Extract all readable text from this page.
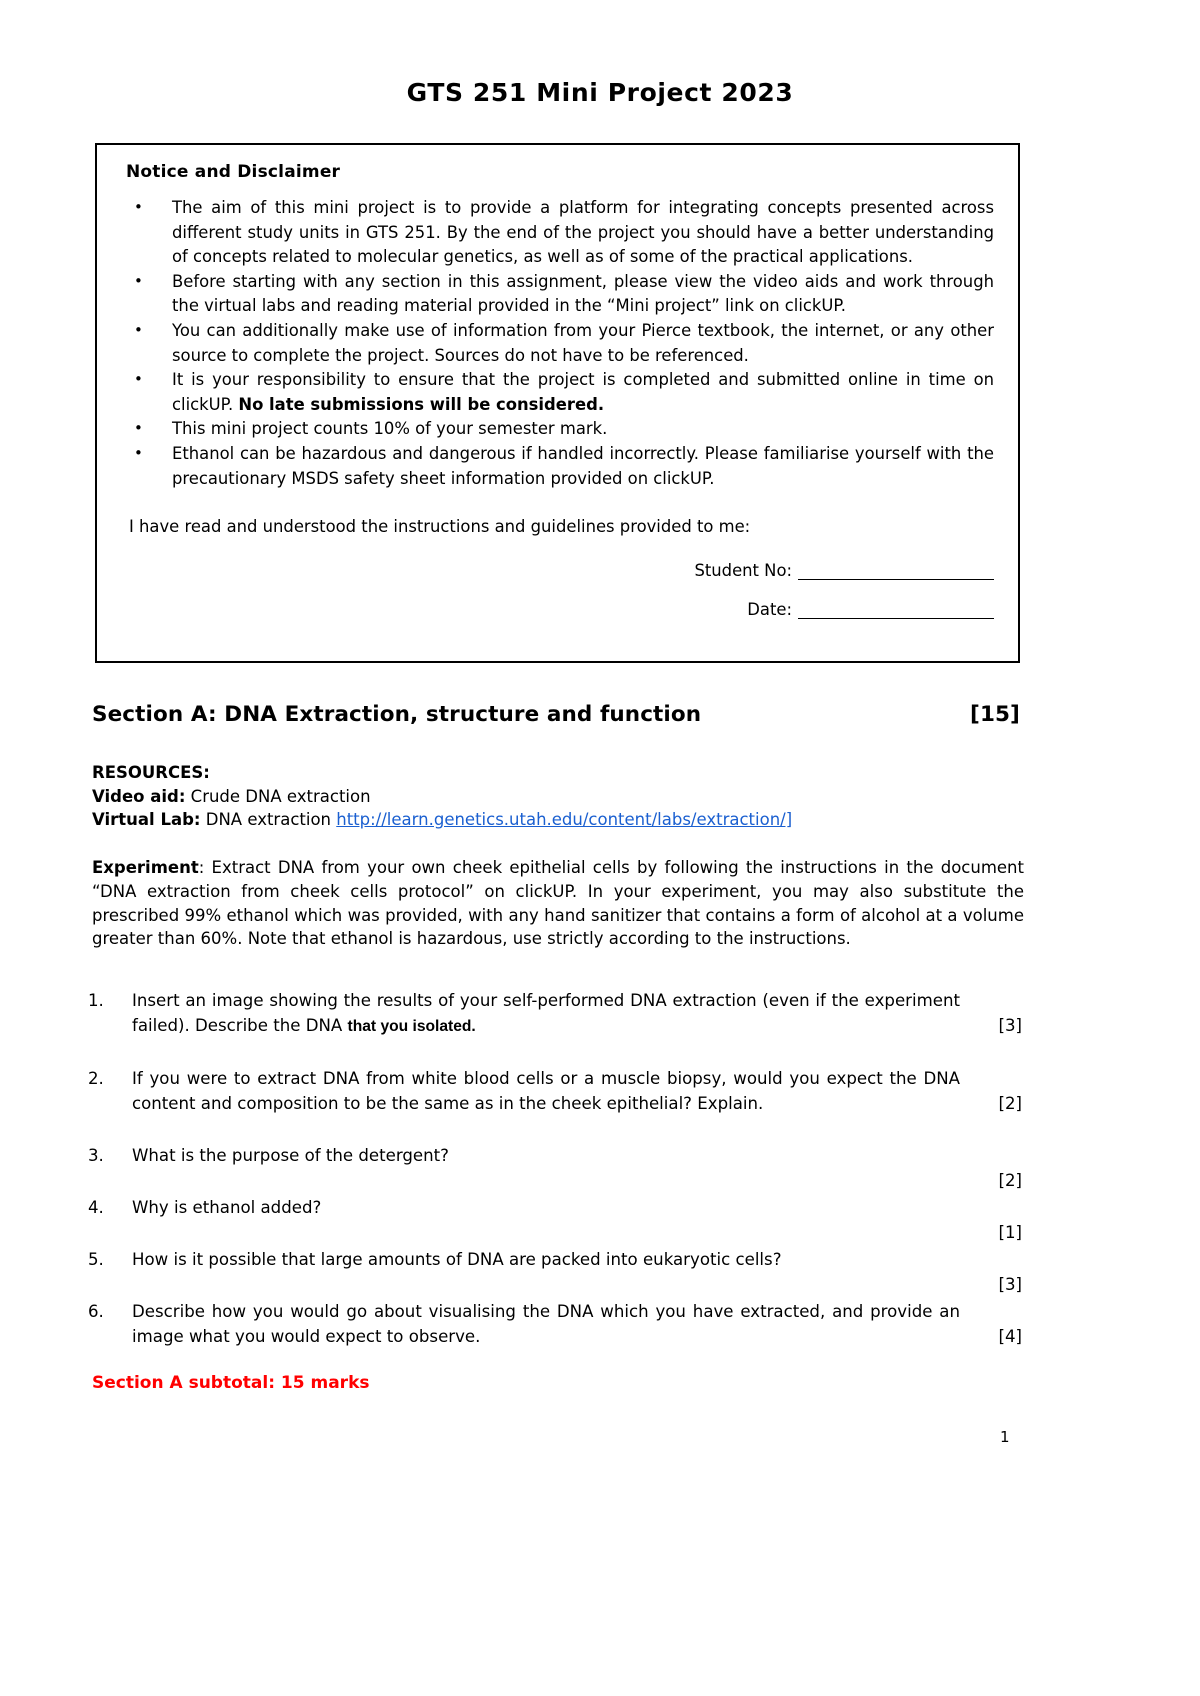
GTS 251 Mini Project 2023
Notice and Disclaimer
• The aim of this mini project is to provide a platform for integrating concepts presented across different study units in GTS 251. By the end of the project you should have a better understanding of concepts related to molecular genetics, as well as of some of the practical applications.
• Before starting with any section in this assignment, please view the video aids and work through the virtual labs and reading material provided in the “Mini project” link on clickUP.
• You can additionally make use of information from your Pierce textbook, the internet, or any other source to complete the project. Sources do not have to be referenced.
• It is your responsibility to ensure that the project is completed and submitted online in time on clickUP. No late submissions will be considered.
• This mini project counts 10% of your semester mark.
• Ethanol can be hazardous and dangerous if handled incorrectly. Please familiarise yourself with the precautionary MSDS safety sheet information provided on clickUP.
I have read and understood the instructions and guidelines provided to me:
Student No:
Date:
Section A: DNA Extraction, structure and function	[15]
RESOURCES:
Video aid: Crude DNA extraction
Virtual Lab: DNA extraction http://learn.genetics.utah.edu/content/labs/extraction/]
Experiment: Extract DNA from your own cheek epithelial cells by following the instructions in the document “DNA extraction from cheek cells protocol” on clickUP. In your experiment, you may also substitute the prescribed 99% ethanol which was provided, with any hand sanitizer that contains a form of alcohol at a volume greater than 60%. Note that ethanol is hazardous, use strictly according to the instructions.
1.	Insert an image showing the results of your self-performed DNA extraction (even if the experiment failed). Describe the DNA that you isolated.	[3]
2.	If you were to extract DNA from white blood cells or a muscle biopsy, would you expect the DNA content and composition to be the same as in the cheek epithelial? Explain.	[2]
3.	What is the purpose of the detergent?
[2]
4.	Why is ethanol added?
[1]
5.	How is it possible that large amounts of DNA are packed into eukaryotic cells?
[3]
6.	Describe how you would go about visualising the DNA which you have extracted, and provide an image what you would expect to observe.	[4]
Section A subtotal: 15 marks
1
